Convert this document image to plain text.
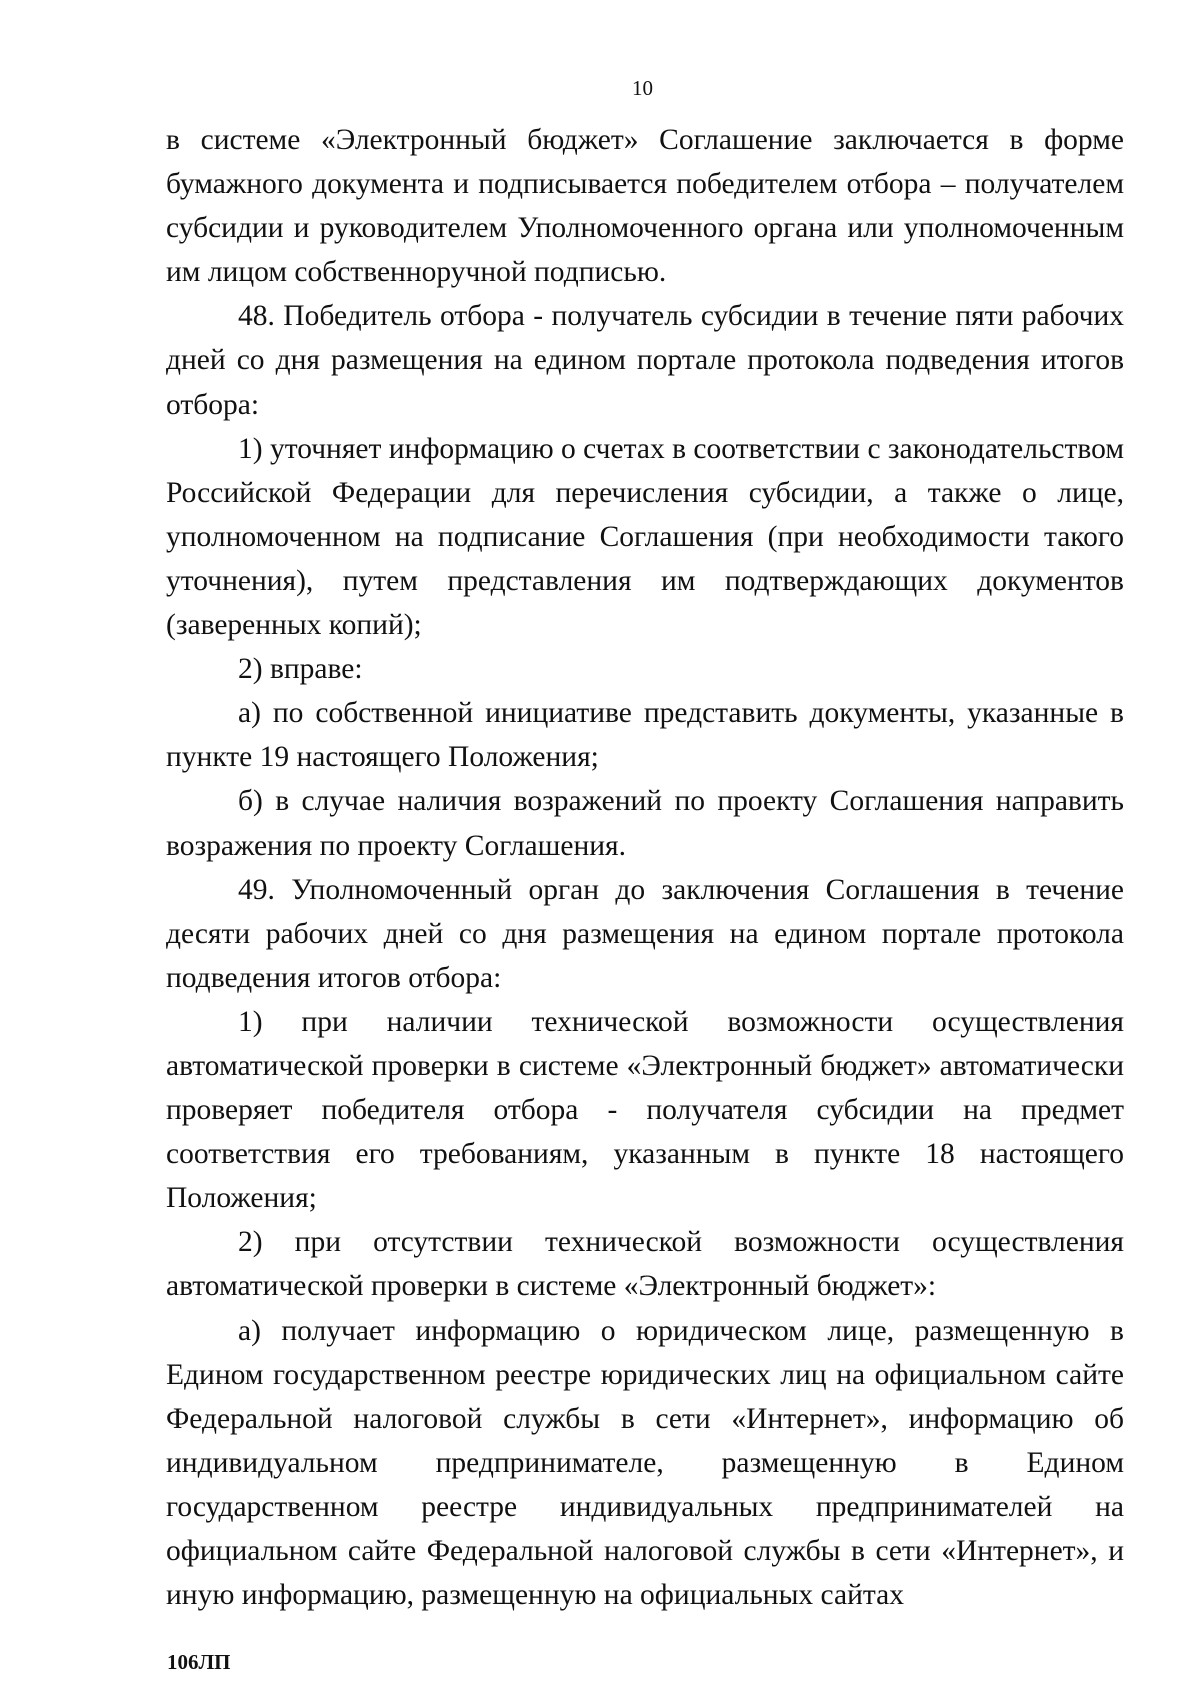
10

в системе «Электронный бюджет» Соглашение заключается в форме бумажного документа и подписывается победителем отбора – получателем субсидии и руководителем Уполномоченного органа или уполномоченным им лицом собственноручной подписью.

48. Победитель отбора - получатель субсидии в течение пяти рабочих дней со дня размещения на едином портале протокола подведения итогов отбора:

1) уточняет информацию о счетах в соответствии с законодательством Российской Федерации для перечисления субсидии, а также о лице, уполномоченном на подписание Соглашения (при необходимости такого уточнения), путем представления им подтверждающих документов (заверенных копий);

2) вправе:

а) по собственной инициативе представить документы, указанные в пункте 19 настоящего Положения;

б) в случае наличия возражений по проекту Соглашения направить возражения по проекту Соглашения.

49. Уполномоченный орган до заключения Соглашения в течение десяти рабочих дней со дня размещения на едином портале протокола подведения итогов отбора:

1) при наличии технической возможности осуществления автоматической проверки в системе «Электронный бюджет» автоматически проверяет победителя отбора - получателя субсидии на предмет соответствия его требованиям, указанным в пункте 18 настоящего Положения;

2) при отсутствии технической возможности осуществления автоматической проверки в системе «Электронный бюджет»:

а) получает информацию о юридическом лице, размещенную в Едином государственном реестре юридических лиц на официальном сайте Федеральной налоговой службы в сети «Интернет», информацию об индивидуальном предпринимателе, размещенную в Едином государственном реестре индивидуальных предпринимателей на официальном сайте Федеральной налоговой службы в сети «Интернет», и иную информацию, размещенную на официальных сайтах

106ЛП
